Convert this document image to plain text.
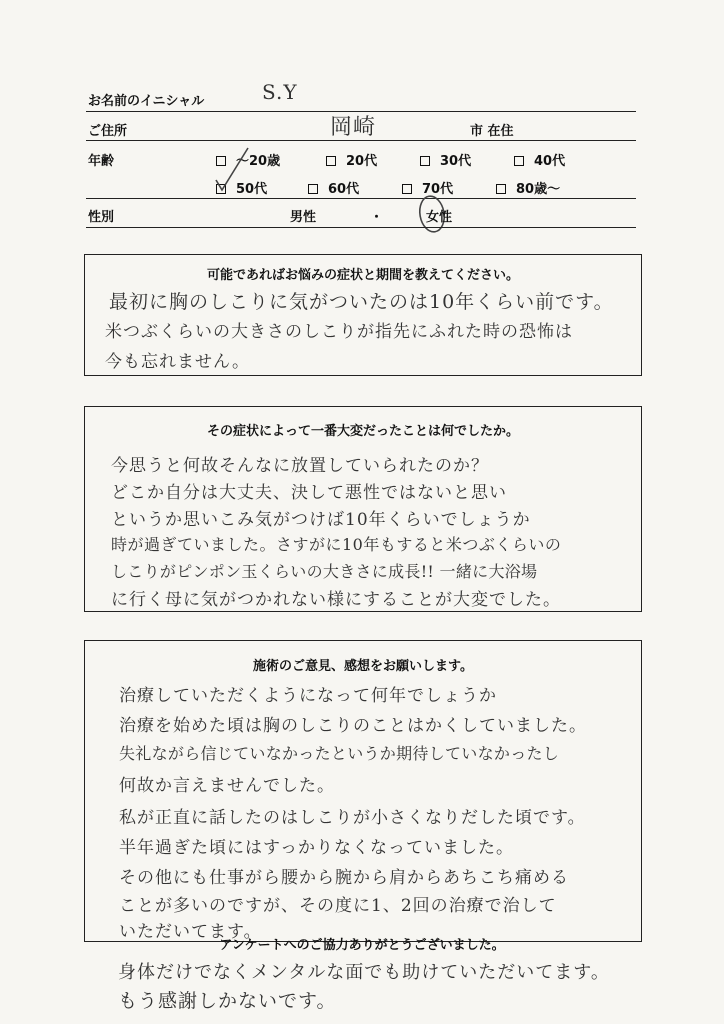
お名前のイニシャル	S.Y
ご住所	岡崎	市 在住
年齢	～20歳	20代	30代	40代
50代	60代	70代	80歳～
性別	男性	・	女性
可能であればお悩みの症状と期間を教えてください。
最初に胸のしこりに気がついたのは10年くらい前です。
米つぶくらいの大きさのしこりが指先にふれた時の恐怖は
今も忘れません。
その症状によって一番大変だったことは何でしたか。
今思うと何故そんなに放置していられたのか？
どこか自分は大丈夫、決して悪性ではないと思い
というか思いこみ気がつけば10年くらいでしょうか
時が過ぎていました。さすがに10年もすると米つぶくらいの
しこりがピンポン玉くらいの大きさに成長!! 一緒に大浴場
に行く母に気がつかれない様にすることが大変でした。
施術のご意見、感想をお願いします。
治療していただくようになって何年でしょうか
治療を始めた頃は胸のしこりのことはかくしていました。
失礼ながら信じていなかったというか期待していなかったし
何故か言えませんでした。
私が正直に話したのはしこりが小さくなりだした頃です。
半年過ぎた頃にはすっかりなくなっていました。
その他にも仕事がら腰から腕から肩からあちこち痛める
ことが多いのですが、その度に1、2回の治療で治して
いただいてます。
アンケートへのご協力ありがとうございました。
身体だけでなくメンタルな面でも助けていただいてます。
もう感謝しかないです。
